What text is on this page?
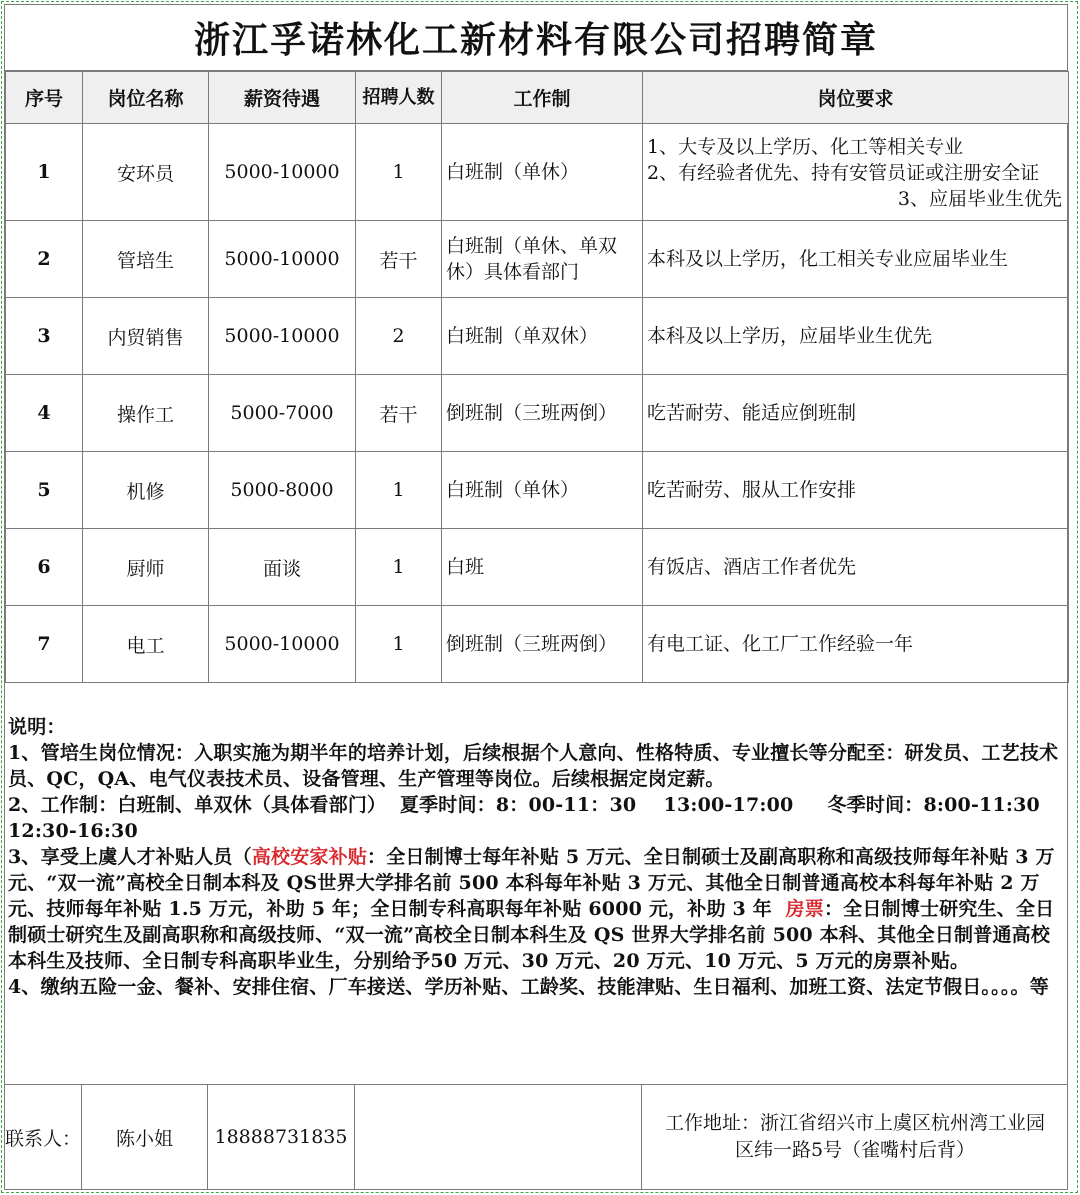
浙江孚诺林化工新材料有限公司招聘简章
序号	岗位名称	薪资待遇	招聘人数	工作制	岗位要求
1	安环员	5000-10000	1	白班制（单休）	1、大专及以上学历、化工等相关专业
2、有经验者优先、持有安管员证或注册安全证
3、应届毕业生优先

2	管培生	5000-10000	若干	白班制（单休、单双休）具体看部门	本科及以上学历，化工相关专业应届毕业生
3	内贸销售	5000-10000	2	白班制（单双休）	本科及以上学历，应届毕业生优先
4	操作工	5000-7000	若干	倒班制（三班两倒）	吃苦耐劳、能适应倒班制
5	机修	5000-8000	1	白班制（单休）	吃苦耐劳、服从工作安排
6	厨师	面谈	1	白班	有饭店、酒店工作者优先
7	电工	5000-10000	1	倒班制（三班两倒）	有电工证、化工厂工作经验一年

说明：

1、管培生岗位情况：入职实施为期半年的培养计划，后续根据个人意向、性格特质、专业擅长等分配至：研发员、工艺技术员、QC，QA、电气仪表技术员、设备管理、生产管理等岗位。后续根据定岗定薪。

2、工作制：白班制、单双休（具体看部门）  夏季时间：8：00-11：30    13:00-17:00     冬季时间：8:00-11:30    12:30-16:30

3、享受上虞人才补贴人员（高校安家补贴：全日制博士每年补贴 5 万元、全日制硕士及副高职称和高级技师每年补贴 3 万元、“双一流”高校全日制本科及 QS世界大学排名前 500 本科每年补贴 3 万元、其他全日制普通高校本科每年补贴 2 万元、技师每年补贴 1.5 万元，补助 5 年；全日制专科高职每年补贴 6000 元，补助 3 年  房票：全日制博士研究生、全日制硕士研究生及副高职称和高级技师、“双一流”高校全日制本科生及 QS 世界大学排名前 500 本科、其他全日制普通高校本科生及技师、全日制专科高职毕业生，分别给予50 万元、30 万元、20 万元、10 万元、5 万元的房票补贴。

4、缴纳五险一金、餐补、安排住宿、厂车接送、学历补贴、工龄奖、技能津贴、生日福利、加班工资、法定节假日。。。。等

联系人：	陈小姐	18888731835
工作地址：浙江省绍兴市上虞区杭州湾工业园
区纬一路5号（雀嘴村后背）
